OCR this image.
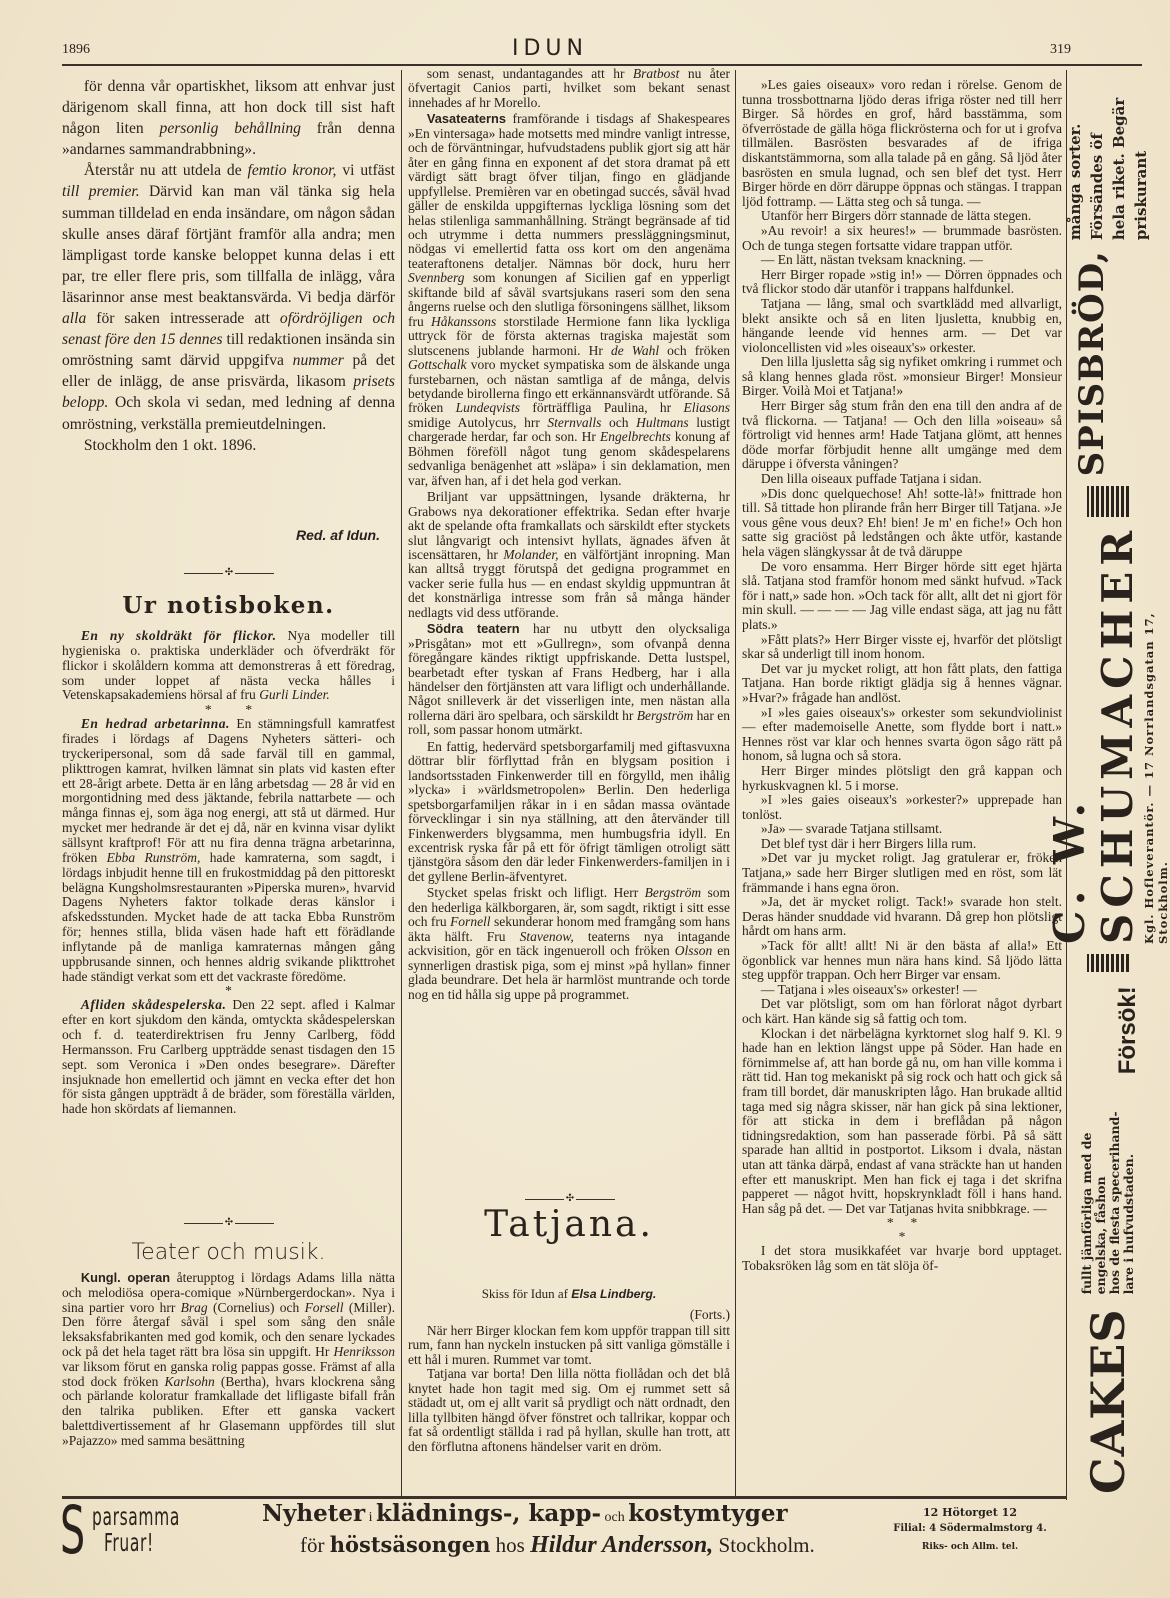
1896	IDUN	319

för denna vår opartiskhet, liksom att enhvar just därigenom skall finna, att hon dock till sist haft någon liten personlig behållning från denna »andarnes sammandrabbning».

Återstår nu att utdela de femtio kronor, vi utfäst till premier. Därvid kan man väl tänka sig hela summan tilldelad en enda insändare, om någon sådan skulle anses däraf förtjänt framför alla andra; men lämpligast torde kanske beloppet kunna delas i ett par, tre eller flere pris, som tillfalla de inlägg, våra läsarinnor anse mest beaktansvärda. Vi bedja därför alla för saken intresserade att ofördröjligen och senast före den 15 dennes till redaktionen insända sin omröstning samt därvid uppgifva nummer på det eller de inlägg, de anse prisvärda, likasom prisets belopp. Och skola vi sedan, med ledning af denna omröstning, verkställa premieutdelningen.

Stockholm den 1 okt. 1896.

Red. af Idun.
✣
Ur notisboken.

En ny skoldräkt för flickor. Nya modeller till hygieniska o. praktiska underkläder och öfverdräkt för flickor i skolåldern komma att demonstreras å ett föredrag, som under loppet af nästa vecka hålles i Vetenskapsakademiens hörsal af fru Gurli Linder.

*          *

En hedrad arbetarinna. En stämningsfull kamratfest firades i lördags af Dagens Nyheters sätteri- och tryckeripersonal, som då sade farväl till en gammal, plikttrogen kamrat, hvilken lämnat sin plats vid kasten efter ett 28-årigt arbete. Detta är en lång arbetsdag — 28 år vid en morgontidning med dess jäktande, febrila nattarbete — och många finnas ej, som äga nog energi, att stå ut därmed. Hur mycket mer hedrande är det ej då, när en kvinna visar dylikt sällsynt kraftprof! För att nu fira denna trägna arbetarinna, fröken Ebba Runström, hade kamraterna, som sagdt, i lördags inbjudit henne till en frukostmiddag på den pittoreskt belägna Kungsholmsrestauranten »Piperska muren», hvarvid Dagens Nyheters faktor tolkade deras känslor i afskedsstunden. Mycket hade de att tacka Ebba Runström för; hennes stilla, blida väsen hade haft ett förädlande inflytande på de manliga kamraternas mången gång uppbrusande sinnen, och hennes aldrig svikande plikttrohet hade ständigt verkat som ett det vackraste föredöme.

*

Afliden skådespelerska. Den 22 sept. afled i Kalmar efter en kort sjukdom den kända, omtyckta skådespelerskan och f. d. teaterdirektrisen fru Jenny Carlberg, född Hermansson. Fru Carlberg uppträdde senast tisdagen den 15 sept. som Veronica i »Den ondes besegrare». Därefter insjuknade hon emellertid och jämnt en vecka efter det hon för sista gången uppträdt å de bräder, som föreställa världen, hade hon skördats af liemannen.

✣
Teater och musik.

Kungl. operan återupptog i lördags Adams lilla nätta och melodiösa opera-comique »Nürnbergerdockan». Nya i sina partier voro hrr Brag (Cornelius) och Forsell (Miller). Den förre återgaf såväl i spel som sång den snåle leksaksfabrikanten med god komik, och den senare lyckades ock på det hela taget rätt bra lösa sin uppgift. Hr Henriksson var liksom förut en ganska rolig pappas gosse. Främst af alla stod dock fröken Karlsohn (Bertha), hvars klockrena sång och pärlande koloratur framkallade det lifligaste bifall från den talrika publiken. Efter ett ganska vackert balettdivertissement af hr Glasemann uppfördes till slut »Pajazzo» med samma besättning

som senast, undantagandes att hr Bratbost nu åter öfvertagit Canios parti, hvilket som bekant senast innehades af hr Morello.

Vasateaterns framförande i tisdags af Shakespeares »En vintersaga» hade motsetts med mindre vanligt intresse, och de förväntningar, hufvudstadens publik gjort sig att här åter en gång finna en exponent af det stora dramat på ett värdigt sätt bragt öfver tiljan, fingo en glädjande uppfyllelse. Premièren var en obetingad succés, såväl hvad gäller de enskilda uppgifternas lyckliga lösning som det helas stilenliga sammanhållning. Strängt begränsade af tid och utrymme i detta nummers pressläggningsminut, nödgas vi emellertid fatta oss kort om den angenäma teateraftonens detaljer. Nämnas bör dock, huru herr Svennberg som konungen af Sicilien gaf en ypperligt skiftande bild af såväl svartsjukans raseri som den sena ångerns ruelse och den slutliga försoningens sällhet, liksom fru Håkanssons storstilade Hermione fann lika lyckliga uttryck för de första akternas tragiska majestät som slutscenens jublande harmoni. Hr de Wahl och fröken Gottschalk voro mycket sympatiska som de älskande unga furstebarnen, och nästan samtliga af de många, delvis betydande birollerna fingo ett erkännansvärdt utförande. Så fröken Lundeqvists förträffliga Paulina, hr Eliasons smidige Autolycus, hrr Sternvalls och Hultmans lustigt chargerade herdar, far och son. Hr Engelbrechts konung af Böhmen föreföll något tung genom skådespelarens sedvanliga benägenhet att »släpa» i sin deklamation, men var, äfven han, af i det hela god verkan.

Briljant var uppsättningen, lysande dräkterna, hr Grabows nya dekorationer effektrika. Sedan efter hvarje akt de spelande ofta framkallats och särskildt efter styckets slut långvarigt och intensivt hyllats, ägnades äfven åt iscensättaren, hr Molander, en välförtjänt inropning. Man kan alltså tryggt förutspå det gedigna programmet en vacker serie fulla hus — en endast skyldig uppmuntran åt det konstnärliga intresse som från så många händer nedlagts vid dess utförande.

Södra teatern har nu utbytt den olycksaliga »Prisgåtan» mot ett »Gullregn», som ofvanpå denna föregångare kändes riktigt uppfriskande. Detta lustspel, bearbetadt efter tyskan af Frans Hedberg, har i alla händelser den förtjänsten att vara lifligt och underhållande. Något snilleverk är det visserligen inte, men nästan alla rollerna däri äro spelbara, och särskildt hr Bergström har en roll, som passar honom utmärkt.

En fattig, hedervärd spetsborgarfamilj med giftasvuxna döttrar blir förflyttad från en blygsam position i landsortsstaden Finkenwerder till en förgylld, men ihålig »lycka» i »världsmetropolen» Berlin. Den hederliga spetsborgarfamiljen råkar in i en sådan massa oväntade förvecklingar i sin nya ställning, att den återvänder till Finkenwerders blygsamma, men humbugsfria idyll. En excentrisk ryska får på ett för öfrigt tämligen otroligt sätt tjänstgöra såsom den där leder Finkenwerders-familjen in i det gyllene Berlin-äfventyret.

Stycket spelas friskt och lifligt. Herr Bergström som den hederliga kälkborgaren, är, som sagdt, riktigt i sitt esse och fru Fornell sekunderar honom med framgång som hans äkta hälft. Fru Stavenow, teaterns nya intagande ackvisition, gör en täck ingenueroll och fröken Olsson en synnerligen drastisk piga, som ej minst »på hyllan» finner glada beundrare. Det hela är harmlöst muntrande och torde nog en tid hålla sig uppe på programmet.

✣
Tatjana.
Skiss för Idun af Elsa Lindberg.
(Forts.)

När herr Birger klockan fem kom uppför trappan till sitt rum, fann han nyckeln instucken på sitt vanliga gömställe i ett hål i muren. Rummet var tomt.

Tatjana var borta! Den lilla nötta fiollådan och det blå knytet hade hon tagit med sig. Om ej rummet sett så städadt ut, om ej allt varit så prydligt och nätt ordnadt, den lilla tyllbiten hängd öfver fönstret och tallrikar, koppar och fat så ordentligt ställda i rad på hyllan, skulle han trott, att den förflutna aftonens händelser varit en dröm.

»Les gaies oiseaux» voro redan i rörelse. Genom de tunna trossbottnarna ljödo deras ifriga röster ned till herr Birger. Så hördes en grof, hård basstämma, som öfverröstade de gälla höga flickrösterna och for ut i grofva tillmälen. Basrösten besvarades af de ifriga diskantstämmorna, som alla talade på en gång. Så ljöd åter basrösten en smula lugnad, och sen blef det tyst. Herr Birger hörde en dörr däruppe öppnas och stängas. I trappan ljöd fottramp. — Lätta steg och så tunga. —

Utanför herr Birgers dörr stannade de lätta stegen.

»Au revoir! a six heures!» — brummade basrösten. Och de tunga stegen fortsatte vidare trappan utför.

— En lätt, nästan tveksam knackning. —

Herr Birger ropade »stig in!» — Dörren öppnades och två flickor stodo där utanför i trappans halfdunkel.

Tatjana — lång, smal och svartklädd med allvarligt, blekt ansikte och så en liten ljusletta, knubbig en, hängande leende vid hennes arm. — Det var violoncellisten vid »les oiseaux's» orkester.

Den lilla ljusletta såg sig nyfiket omkring i rummet och så klang hennes glada röst. »monsieur Birger! Monsieur Birger. Voilà Moi et Tatjana!»

Herr Birger såg stum från den ena till den andra af de två flickorna. — Tatjana! — Och den lilla »oiseau» så förtroligt vid hennes arm! Hade Tatjana glömt, att hennes döde morfar förbjudit henne allt umgänge med dem däruppe i öfversta våningen?

Den lilla oiseaux puffade Tatjana i sidan.

»Dis donc quelquechose! Ah! sotte-là!» fnittrade hon till. Så tittade hon plirande från herr Birger till Tatjana. »Je vous gêne vous deux? Eh! bien! Je m' en fiche!» Och hon satte sig graciöst på ledstången och åkte utför, kastande hela vägen slängkyssar åt de två däruppe

De voro ensamma. Herr Birger hörde sitt eget hjärta slå. Tatjana stod framför honom med sänkt hufvud. »Tack för i natt,» sade hon. »Och tack för allt, allt det ni gjort för min skull. — — — — Jag ville endast säga, att jag nu fått plats.»

»Fått plats?» Herr Birger visste ej, hvarför det plötsligt skar så underligt till inom honom.

Det var ju mycket roligt, att hon fått plats, den fattiga Tatjana. Han borde riktigt glädja sig å hennes vägnar. »Hvar?» frågade han andlöst.

»I »les gaies oiseaux's» orkester som sekundviolinist — efter mademoiselle Anette, som flydde bort i natt.» Hennes röst var klar och hennes svarta ögon sågo rätt på honom, så lugna och så stora.

Herr Birger mindes plötsligt den grå kappan och hyrkuskvagnen kl. 5 i morse.

»I »les gaies oiseaux's »orkester?» upprepade han tonlöst.

»Ja» — svarade Tatjana stillsamt.

Det blef tyst där i herr Birgers lilla rum.

»Det var ju mycket roligt. Jag gratulerar er, fröken Tatjana,» sade herr Birger slutligen med en röst, som lät främmande i hans egna öron.

»Ja, det är mycket roligt. Tack!» svarade hon stelt. Deras händer snuddade vid hvarann. Då grep hon plötsligt hårdt om hans arm.

»Tack för allt! allt! Ni är den bästa af alla!» Ett ögonblick var hennes mun nära hans kind. Så ljödo lätta steg uppför trappan. Och herr Birger var ensam.

— Tatjana i »les oiseaux's» orkester! —

Det var plötsligt, som om han förlorat något dyrbart och kärt. Han kände sig så fattig och tom.

Klockan i det närbelägna kyrktornet slog half 9. Kl. 9 hade han en lektion längst uppe på Söder. Han hade en förnimmelse af, att han borde gå nu, om han ville komma i rätt tid. Han tog mekaniskt på sig rock och hatt och gick så fram till bordet, där manuskripten lågo. Han brukade alltid taga med sig några skisser, när han gick på sina lektioner, för att sticka in dem i breflådan på någon tidningsredaktion, som han passerade förbi. På så sätt sparade han alltid in postportot. Liksom i dvala, nästan utan att tänka därpå, endast af vana sträckte han ut handen efter ett manuskript. Men han fick ej taga i det skrifna papperet — något hvitt, hopskrynkladt föll i hans hand. Han såg på det. — Det var Tatjanas hvita snibbkrage. —

*     *
*

I det stora musikkaféet var hvarje bord upptaget. Tobaksröken låg som en tät slöja öf-

CAKES
fullt jämförliga med de engelska, fåshon hos de flesta specerihand- lare i hufvudstaden.
Försök!
C. W. SCHUMACHER Kgl. Hofleverantör. — 17 Norrlandsgatan 17, Stockholm.
SPISBRÖD,
många sorter. Försändes öf hela riket. Begär priskurant
S parsamma
Fruar!
Nyheter i klädnings-, kapp- och kostymtyger
för höstsäsongen hos Hildur Andersson, Stockholm.
12 Hötorget 12
Filial: 4 Södermalmstorg 4.
Riks- och Allm. tel.
